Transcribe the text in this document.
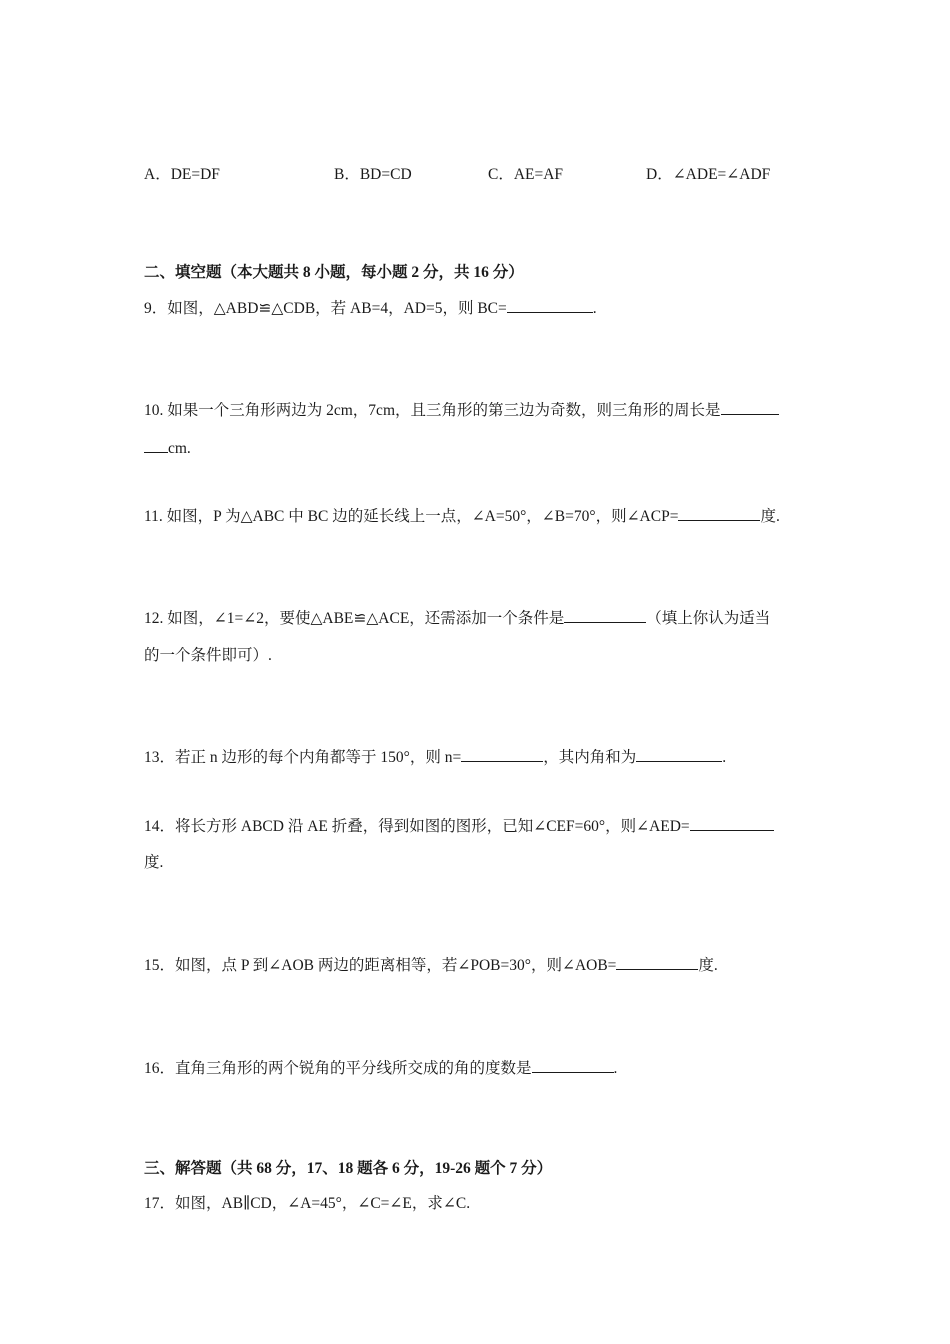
A．DE=DF	B．BD=CD	C．AE=AF	D．∠ADE=∠ADF
二、填空题（本大题共 8 小题，每小题 2 分，共 16 分）
9．如图，△ABD≌△CDB，若 AB=4，AD=5，则 BC=	.
10. 如果一个三角形两边为 2cm，7cm，且三角形的第三边为奇数，则三角形的周长是
cm.
11. 如图，P 为△ABC 中 BC 边的延长线上一点，∠A=50°，∠B=70°，则∠ACP=	度.
12. 如图，∠1=∠2，要使△ABE≌△ACE，还需添加一个条件是	（填上你认为适当
的一个条件即可）.
13．若正 n 边形的每个内角都等于 150°，则 n=	，其内角和为	.
14．将长方形 ABCD 沿 AE 折叠，得到如图的图形，已知∠CEF=60°，则∠AED=
度.
15．如图，点 P 到∠AOB 两边的距离相等，若∠POB=30°，则∠AOB=	度.
16．直角三角形的两个锐角的平分线所交成的角的度数是	.
三、解答题（共 68 分，17、18 题各 6 分，19-26 题个 7 分）
17．如图，AB∥CD，∠A=45°，∠C=∠E，求∠C.
